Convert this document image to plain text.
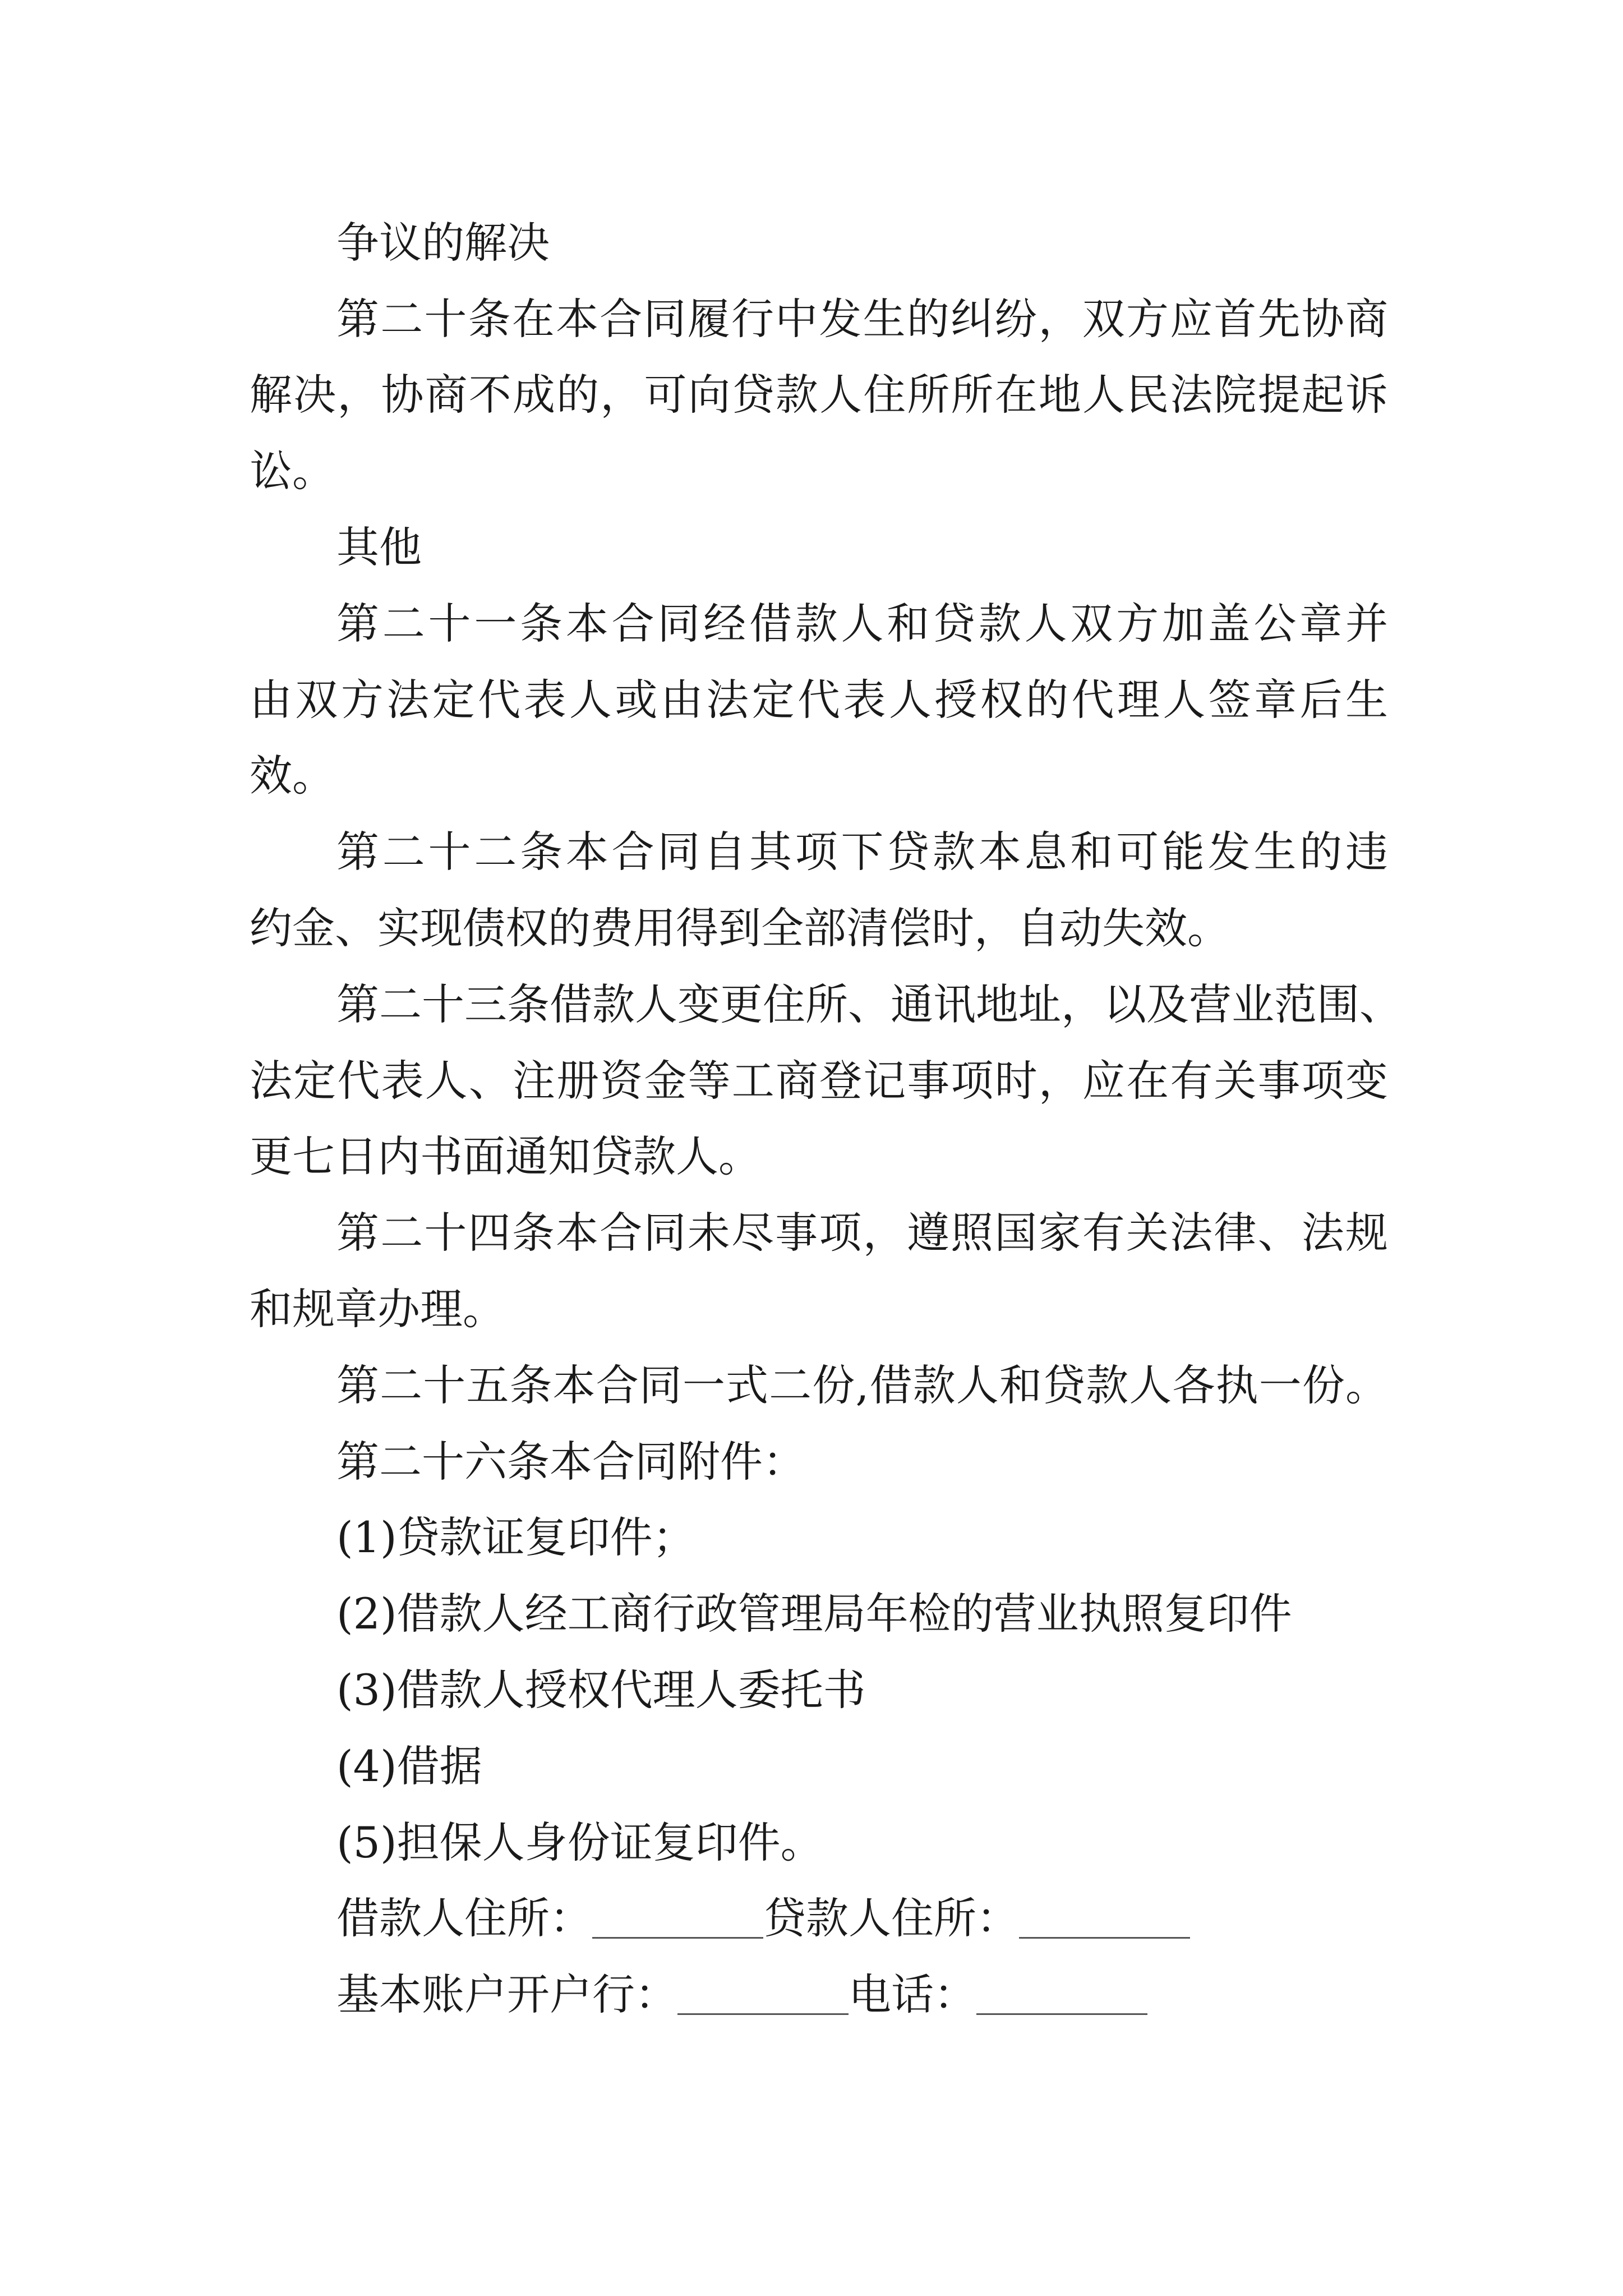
争议的解决
第二十条在本合同履行中发生的纠纷，双方应首先协商
解决，协商不成的，可向贷款人住所所在地人民法院提起诉
讼。
其他
第二十一条本合同经借款人和贷款人双方加盖公章并
由双方法定代表人或由法定代表人授权的代理人签章后生
效。
第二十二条本合同自其项下贷款本息和可能发生的违
约金、实现债权的费用得到全部清偿时，自动失效。
第二十三条借款人变更住所、通讯地址，以及营业范围、
法定代表人、注册资金等工商登记事项时，应在有关事项变
更七日内书面通知贷款人。
第二十四条本合同未尽事项，遵照国家有关法律、法规
和规章办理。
第二十五条本合同一式二份,借款人和贷款人各执一份。
第二十六条本合同附件：
(1)贷款证复印件；
(2)借款人经工商行政管理局年检的营业执照复印件
(3)借款人授权代理人委托书
(4)借据
(5)担保人身份证复印件。
借款人住所：	贷款人住所：
基本账户开户行：	电话：
